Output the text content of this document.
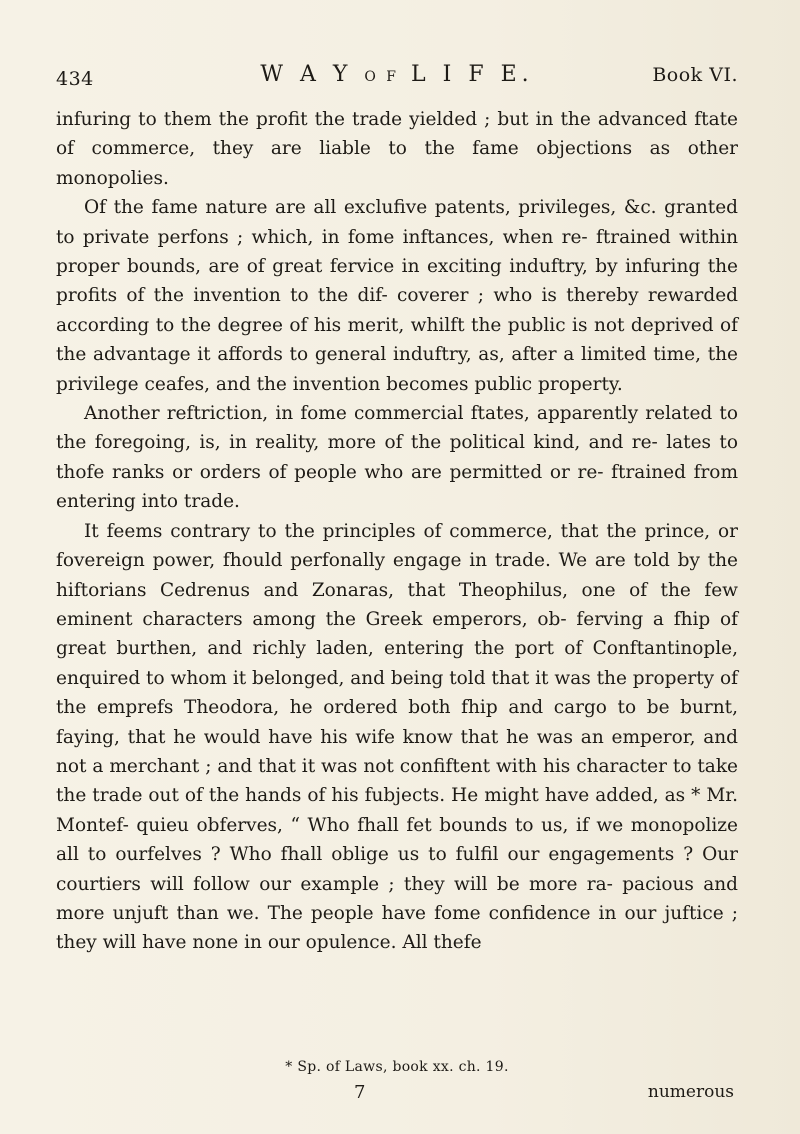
434	W A Y O F L I F E.	Book VI.

infuring to them the profit the trade yielded ; but in the advanced ftate of commerce, they are liable to the fame objections as other monopolies.

Of the fame nature are all exclufive patents, privileges, &c. granted to private perfons ; which, in fome inftances, when re- ftrained within proper bounds, are of great fervice in exciting induftry, by infuring the profits of the invention to the dif- coverer ; who is thereby rewarded according to the degree of his merit, whilft the public is not deprived of the advantage it affords to general induftry, as, after a limited time, the privilege ceafes, and the invention becomes public property.

Another reftriction, in fome commercial ftates, apparently related to the foregoing, is, in reality, more of the political kind, and re- lates to thofe ranks or orders of people who are permitted or re- ftrained from entering into trade.

It feems contrary to the principles of commerce, that the prince, or fovereign power, fhould perfonally engage in trade. We are told by the hiftorians Cedrenus and Zonaras, that Theophilus, one of the few eminent characters among the Greek emperors, ob- ferving a fhip of great burthen, and richly laden, entering the port of Conftantinople, enquired to whom it belonged, and being told that it was the property of the emprefs Theodora, he ordered both fhip and cargo to be burnt, faying, that he would have his wife know that he was an emperor, and not a merchant ; and that it was not confiftent with his character to take the trade out of the hands of his fubjects. He might have added, as * Mr. Montef- quieu obferves, “ Who fhall fet bounds to us, if we monopolize all to ourfelves ? Who fhall oblige us to fulfil our engagements ? Our courtiers will follow our example ; they will be more ra- pacious and more unjuft than we. The people have fome confidence in our juftice ; they will have none in our opulence. All thefe

* Sp. of Laws, book xx. ch. 19.
7	numerous
